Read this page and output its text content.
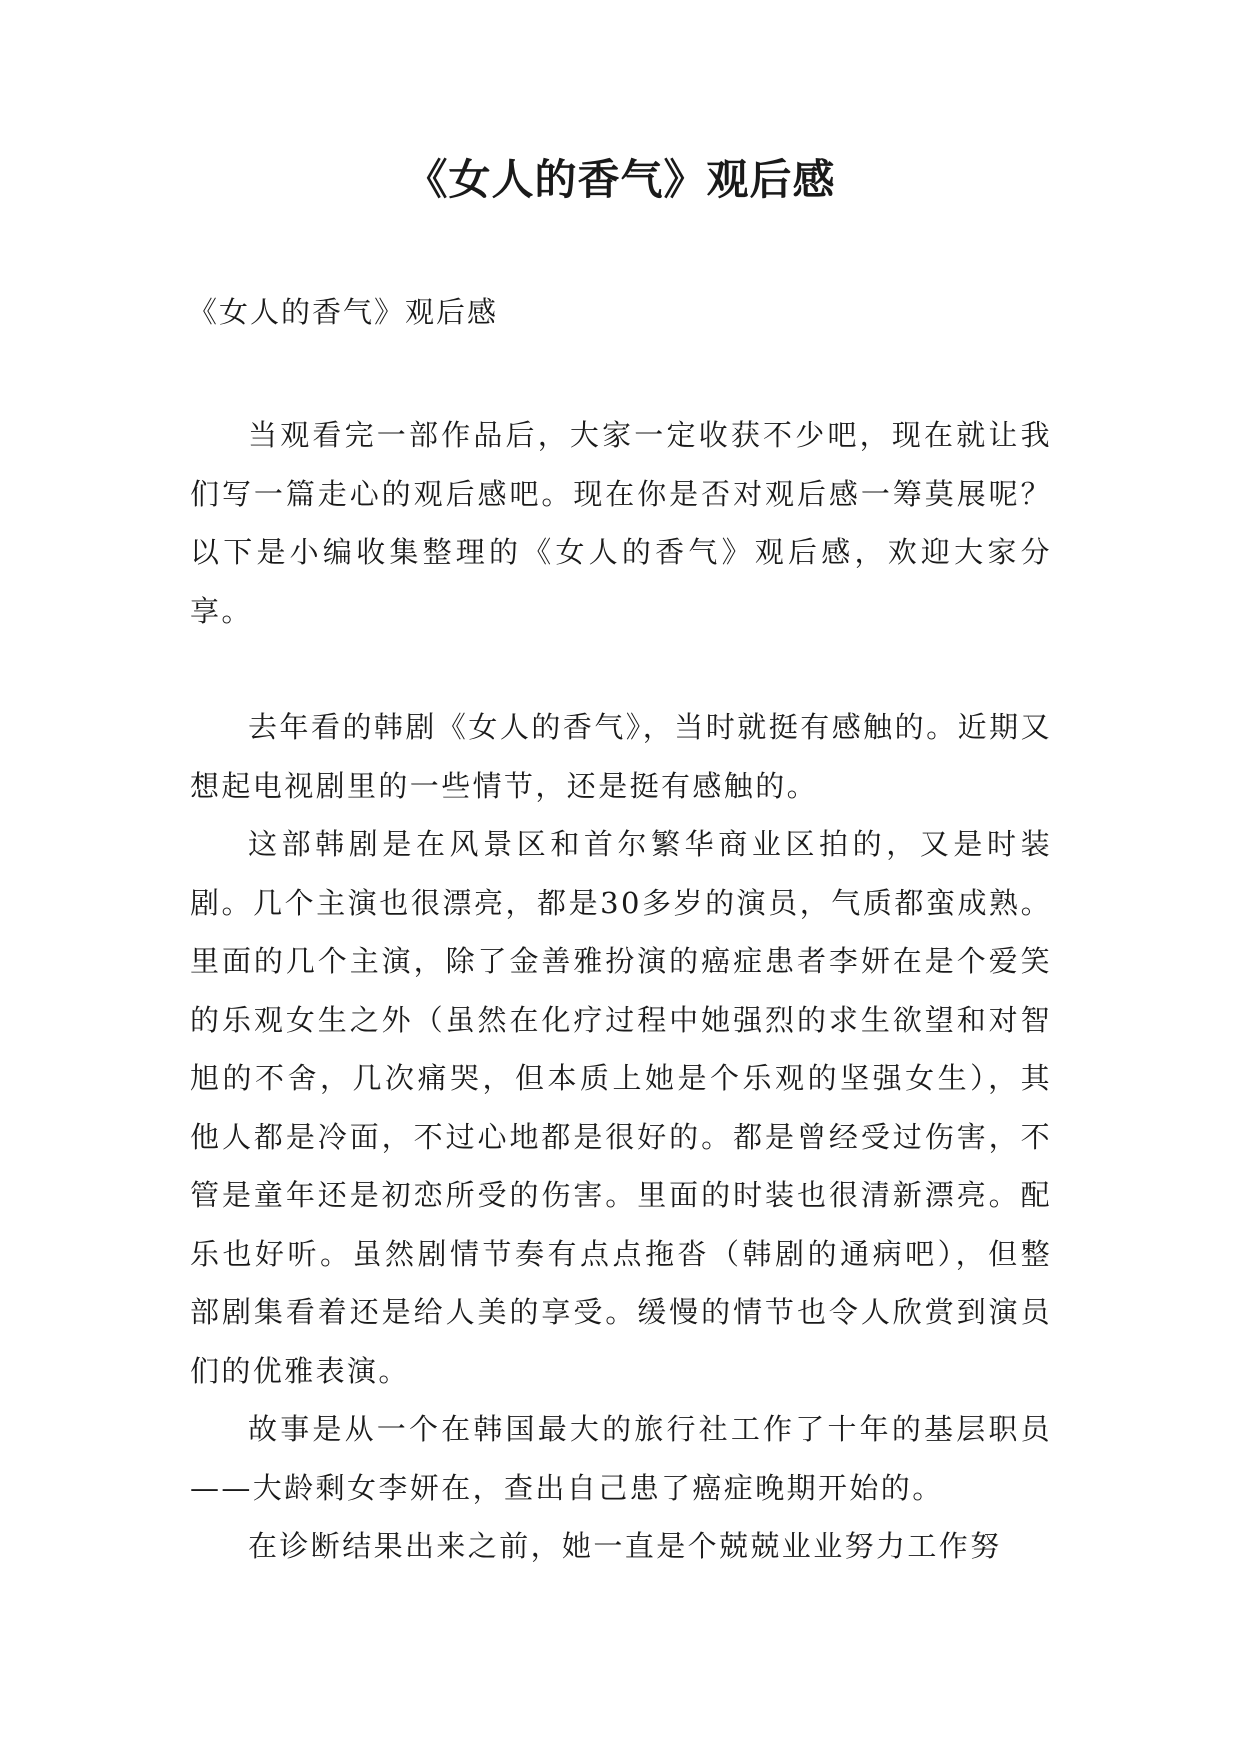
《女人的香气》观后感

《女人的香气》观后感

当观看完一部作品后，大家一定收获不少吧，现在就让我们写一篇走心的观后感吧。现在你是否对观后感一筹莫展呢？以下是小编收集整理的《女人的香气》观后感，欢迎大家分享。

去年看的韩剧《女人的香气》，当时就挺有感触的。近期又想起电视剧里的一些情节，还是挺有感触的。

这部韩剧是在风景区和首尔繁华商业区拍的，又是时装剧。几个主演也很漂亮，都是30多岁的演员，气质都蛮成熟。里面的几个主演，除了金善雅扮演的癌症患者李妍在是个爱笑的乐观女生之外（虽然在化疗过程中她强烈的求生欲望和对智旭的不舍，几次痛哭，但本质上她是个乐观的坚强女生），其他人都是冷面，不过心地都是很好的。都是曾经受过伤害，不管是童年还是初恋所受的伤害。里面的时装也很清新漂亮。配乐也好听。虽然剧情节奏有点点拖沓（韩剧的通病吧），但整部剧集看着还是给人美的享受。缓慢的情节也令人欣赏到演员们的优雅表演。

故事是从一个在韩国最大的旅行社工作了十年的基层职员——大龄剩女李妍在，查出自己患了癌症晚期开始的。

在诊断结果出来之前，她一直是个兢兢业业努力工作努
